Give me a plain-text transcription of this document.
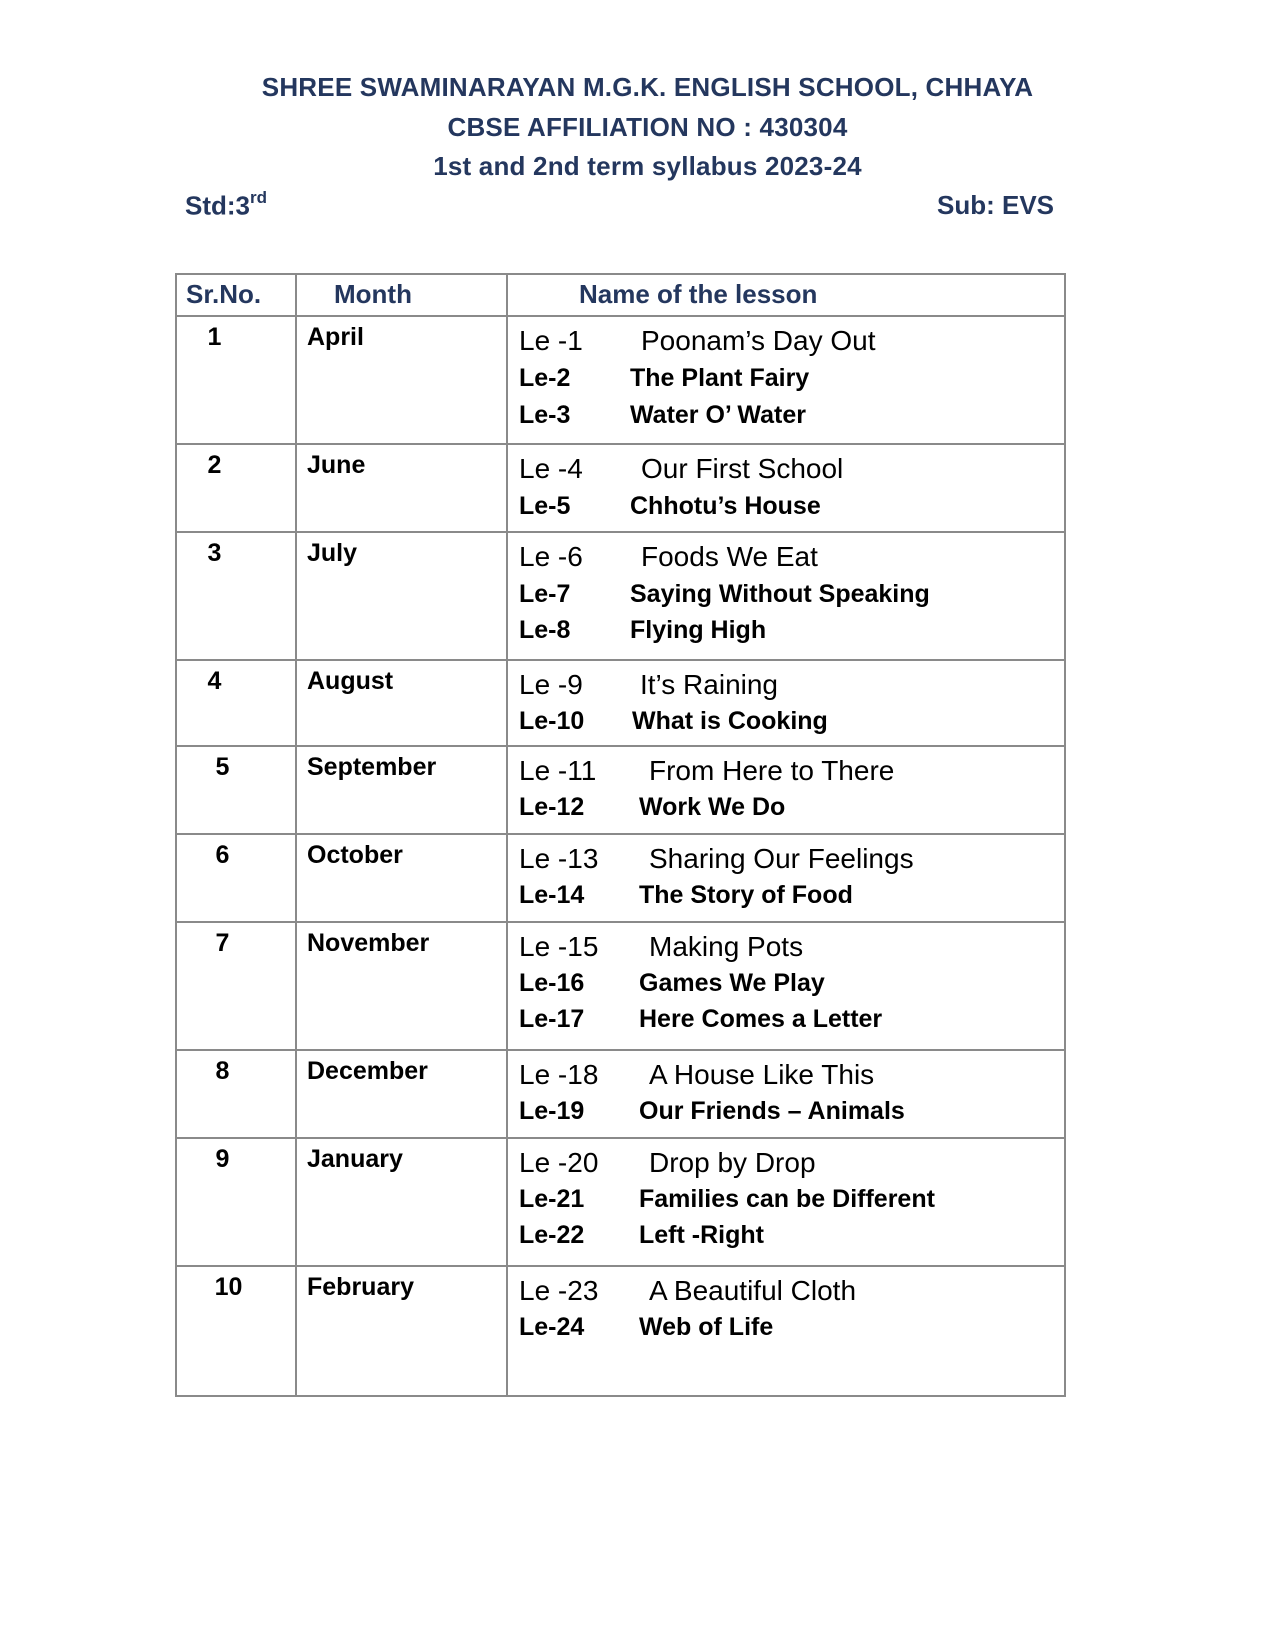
SHREE SWAMINARAYAN M.G.K. ENGLISH SCHOOL, CHHAYA
CBSE AFFILIATION NO : 430304
1st and 2nd term syllabus 2023-24
Std:3rd	Sub: EVS
Sr.No.	Month	Name of the lesson
1	April	Le -1 Poonam’s Day Out
Le-2 The Plant Fairy
Le-3 Water O’ Water
2	June	Le -4 Our First School
Le-5 Chhotu’s House
3	July	Le -6 Foods We Eat
Le-7 Saying Without Speaking
Le-8 Flying High
4	August	Le -9 It’s Raining
Le-10 What is Cooking
5	September	Le -11 From Here to There
Le-12 Work We Do
6	October	Le -13 Sharing Our Feelings
Le-14 The Story of Food
7	November	Le -15 Making Pots
Le-16 Games We Play
Le-17 Here Comes a Letter
8	December	Le -18 A House Like This
Le-19 Our Friends – Animals
9	January	Le -20 Drop by Drop
Le-21 Families can be Different
Le-22 Left -Right
10	February	Le -23 A Beautiful Cloth
Le-24 Web of Life
